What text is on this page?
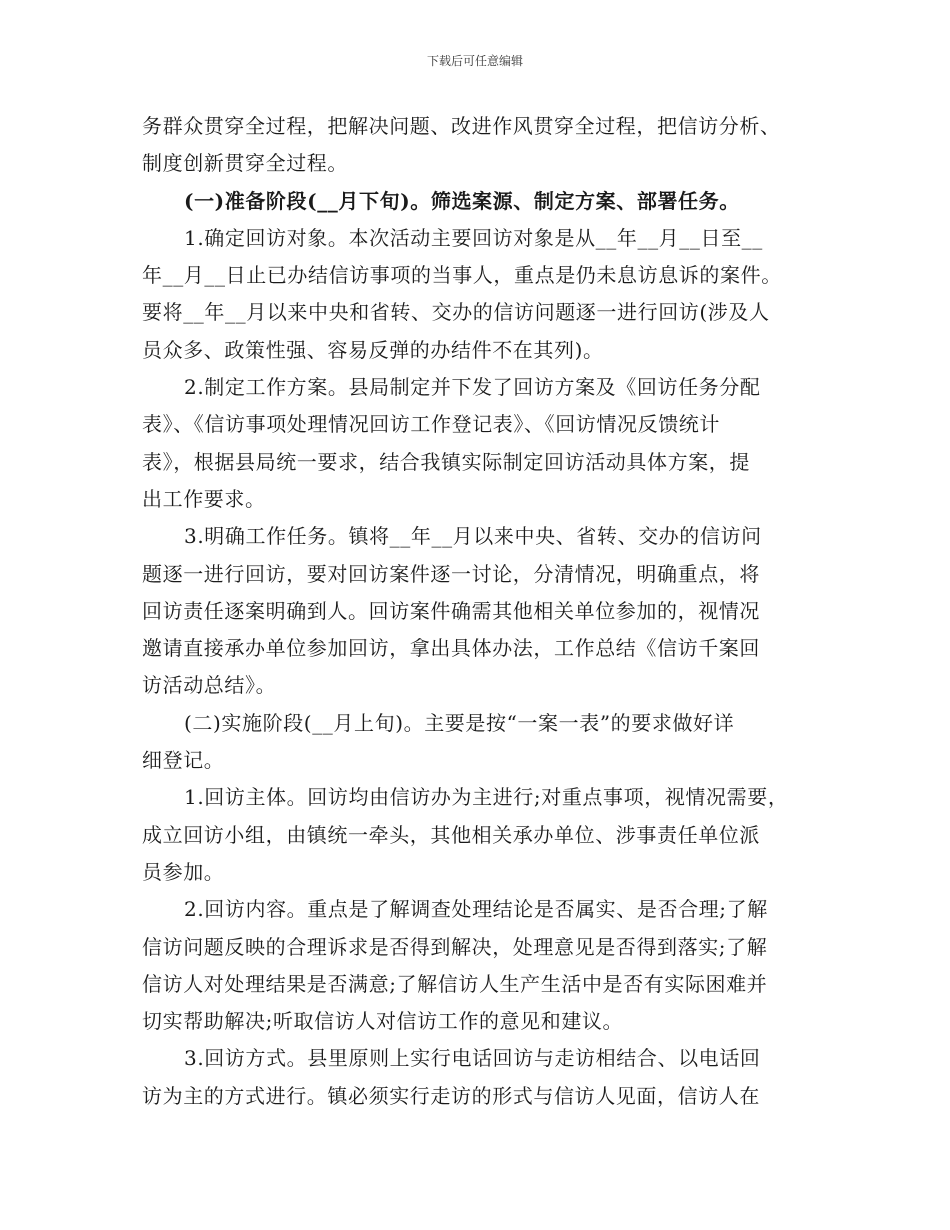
下载后可任意编辑

务群众贯穿全过程，把解决问题、改进作风贯穿全过程，把信访分析、
制度创新贯穿全过程。

(一)准备阶段(__月下旬)。筛选案源、制定方案、部署任务。

1.确定回访对象。本次活动主要回访对象是从__年__月__日至__
年__月__日止已办结信访事项的当事人，重点是仍未息访息诉的案件。
要将__年__月以来中央和省转、交办的信访问题逐一进行回访(涉及人
员众多、政策性强、容易反弹的办结件不在其列)。

2.制定工作方案。县局制定并下发了回访方案及《回访任务分配
表》、《信访事项处理情况回访工作登记表》、《回访情况反馈统计
表》，根据县局统一要求，结合我镇实际制定回访活动具体方案，提
出工作要求。

3.明确工作任务。镇将__年__月以来中央、省转、交办的信访问
题逐一进行回访，要对回访案件逐一讨论，分清情况，明确重点，将
回访责任逐案明确到人。回访案件确需其他相关单位参加的，视情况
邀请直接承办单位参加回访，拿出具体办法，工作总结《信访千案回
访活动总结》。

(二)实施阶段(__月上旬)。主要是按“一案一表”的要求做好详
细登记。

1.回访主体。回访均由信访办为主进行;对重点事项，视情况需要，
成立回访小组，由镇统一牵头，其他相关承办单位、涉事责任单位派
员参加。

2.回访内容。重点是了解调查处理结论是否属实、是否合理;了解
信访问题反映的合理诉求是否得到解决，处理意见是否得到落实;了解
信访人对处理结果是否满意;了解信访人生产生活中是否有实际困难并
切实帮助解决;听取信访人对信访工作的意见和建议。

3.回访方式。县里原则上实行电话回访与走访相结合、以电话回
访为主的方式进行。镇必须实行走访的形式与信访人见面，信访人在
